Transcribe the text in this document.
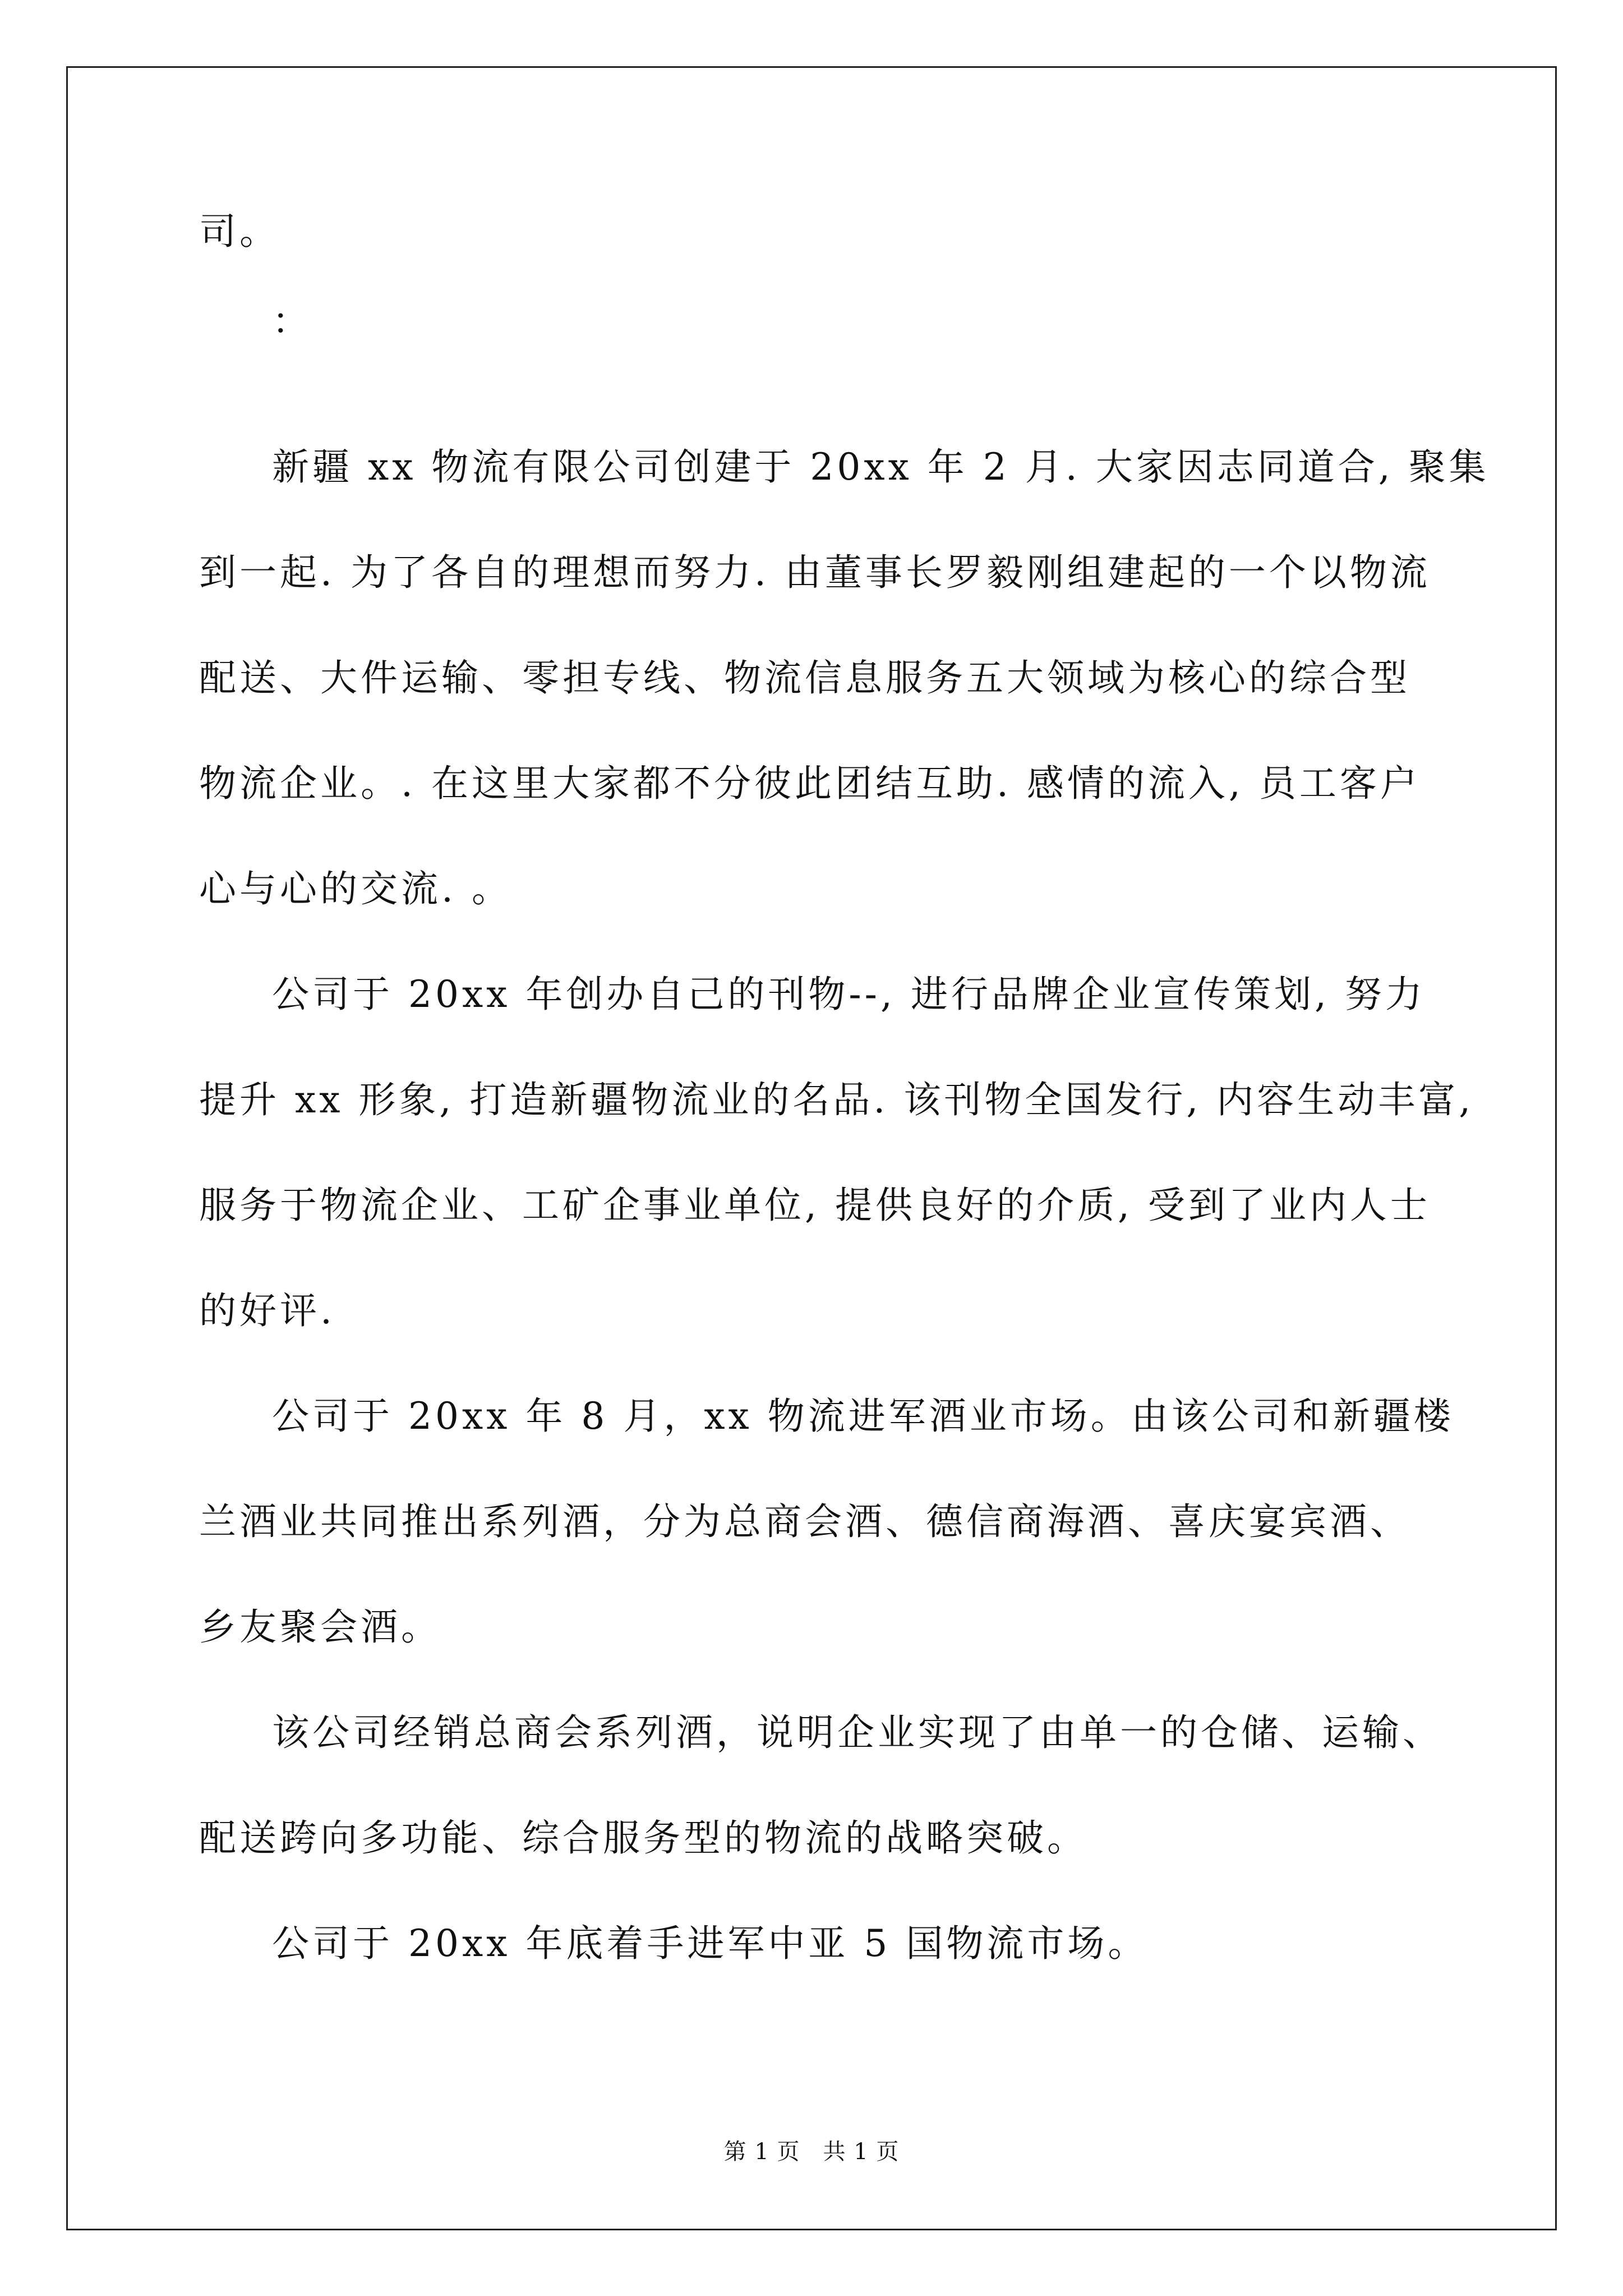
司。
：
新疆 xx 物流有限公司创建于 20xx 年 2 月. 大家因志同道合, 聚集
到一起. 为了各自的理想而努力. 由董事长罗毅刚组建起的一个以物流
配送、大件运输、零担专线、物流信息服务五大领域为核心的综合型
物流企业。. 在这里大家都不分彼此团结互助. 感情的流入, 员工客户
心与心的交流. 。
公司于 20xx 年创办自己的刊物--, 进行品牌企业宣传策划, 努力
提升 xx 形象, 打造新疆物流业的名品. 该刊物全国发行, 内容生动丰富,
服务于物流企业、工矿企事业单位, 提供良好的介质, 受到了业内人士
的好评.
公司于 20xx 年 8 月，xx 物流进军酒业市场。由该公司和新疆楼
兰酒业共同推出系列酒，分为总商会酒、德信商海酒、喜庆宴宾酒、
乡友聚会酒。
该公司经销总商会系列酒，说明企业实现了由单一的仓储、运输、
配送跨向多功能、综合服务型的物流的战略突破。
公司于 20xx 年底着手进军中亚 5 国物流市场。
第 1 页　共 1 页
